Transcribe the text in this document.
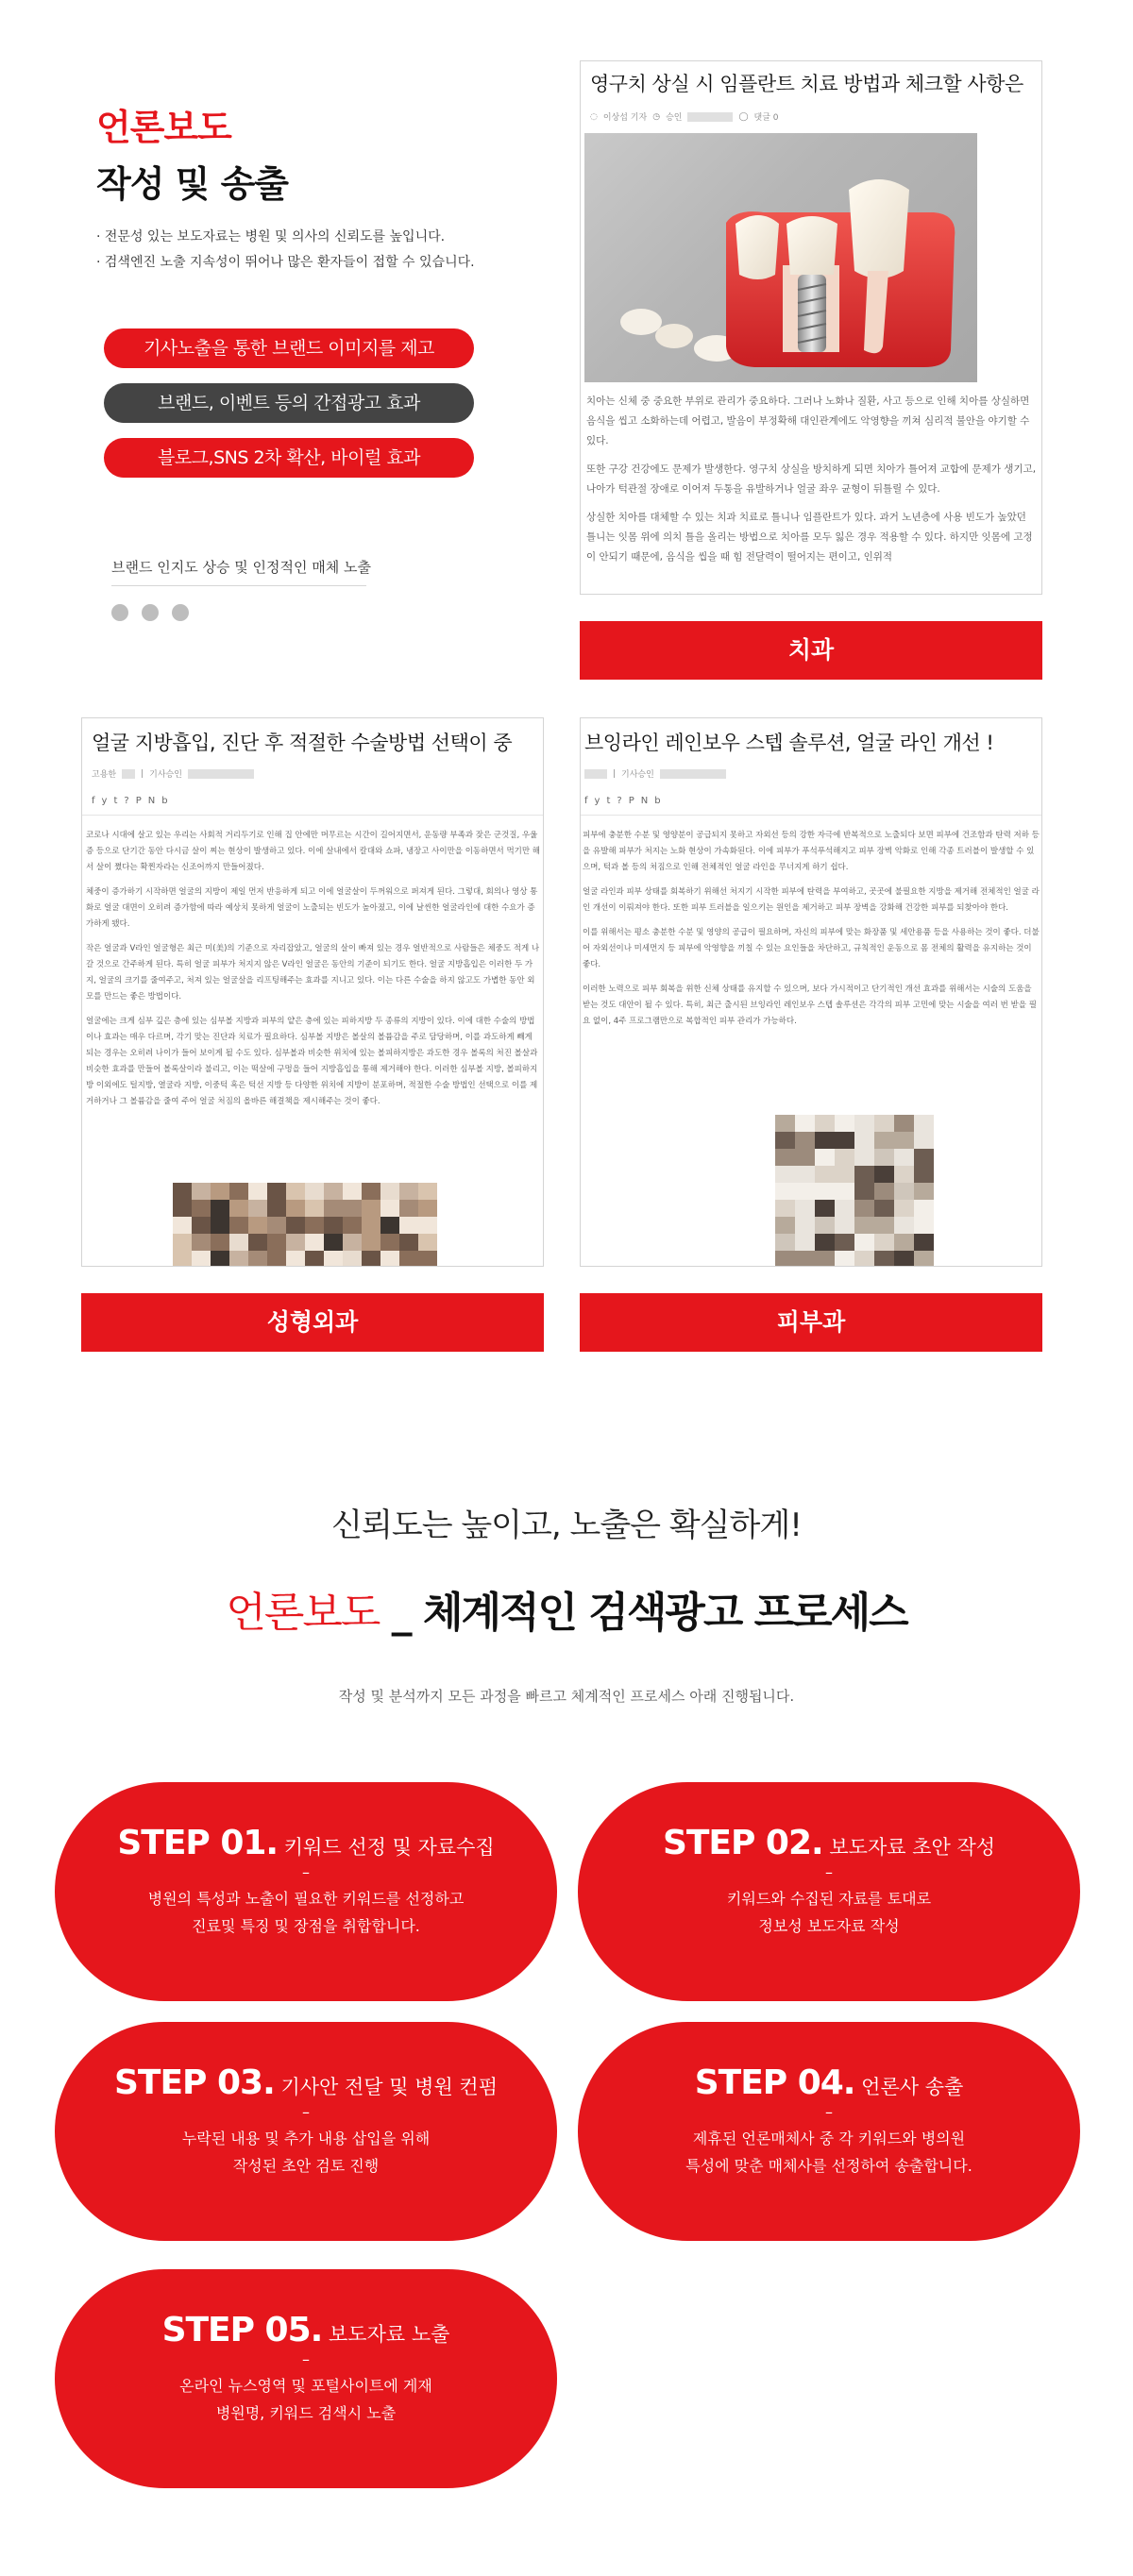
언론보도
작성 및 송출
· 전문성 있는 보도자료는 병원 및 의사의 신뢰도를 높입니다.
· 검색엔진 노출 지속성이 뛰어나 많은 환자들이 접할 수 있습니다.
기사노출을 통한 브랜드 이미지를 제고
브랜드, 이벤트 등의 간접광고 효과
블로그,SNS 2차 확산, 바이럴 효과
브랜드 인지도 상승 및 인정적인 매체 노출
영구치 상실 시 임플란트 치료 방법과 체크할 사항은
◌ 이상섭 기자 ◷ 승인	◯ 댓글 0

치아는 신체 중 중요한 부위로 관리가 중요하다. 그러나 노화나 질환, 사고 등으로 인해 치아를 상실하면 음식을 씹고 소화하는데 어렵고, 발음이 부정확해 대인관계에도 악영향을 끼쳐 심리적 불안을 야기할 수 있다.

또한 구강 건강에도 문제가 발생한다. 영구치 상실을 방치하게 되면 치아가 틀어져 교합에 문제가 생기고, 나아가 턱관절 장애로 이어져 두통을 유발하거나 얼굴 좌우 균형이 뒤틀릴 수 있다.

상실한 치아를 대체할 수 있는 치과 치료로 틀니나 임플란트가 있다. 과거 노년층에 사용 빈도가 높았던 틀니는 잇몸 위에 의치 틀을 올리는 방법으로 치아를 모두 잃은 경우 적용할 수 있다. 하지만 잇몸에 고정이 안되기 때문에, 음식을 씹을 때 힘 전달력이 떨어지는 편이고, 인위적

치과
얼굴 지방흡입, 진단 후 적절한 수술방법 선택이 중
고용한	| 기사승인
f y t ? P N b

코로나 시대에 살고 있는 우리는 사회적 거리두기로 인해 집 안에만 머무르는 시간이 길어지면서, 운동량 부족과 잦은 군것질, 우울증 등으로 단기간 동안 다시금 살이 찌는 현상이 발생하고 있다. 이에 살내에서 칼대와 쇼파, 냉장고 사이만을 이동하면서 먹기만 해서 살이 쪘다는 확찐자라는 신조어까지 만들어졌다.

체중이 증가하기 시작하면 얼굴의 지방이 제일 먼저 반응하게 되고 이에 얼굴살이 두꺼워으로 퍼져게 된다. 그렇대, 회의나 영상 통화로 얼굴 대면이 오히려 증가함에 따라 예상치 못하게 얼굴이 노출되는 빈도가 높아졌고, 이에 날씬한 얼굴라인에 대한 수요가 증가하게 됐다.

작은 얼굴과 V라인 얼굴형은 최근 미(美)의 기준으로 자리잡았고, 얼굴의 살이 빠져 있는 경우 얼반적으로 사람들은 체중도 적게 나갈 것으로 간주하게 된다. 특히 얼굴 피부가 처지지 않은 V라인 얼굴은 동안의 기준이 되기도 한다. 얼굴 지방흡입은 이러한 두 가지, 얼굴의 크기를 줄여주고, 처져 있는 얼굴살을 리프팅해주는 효과를 지니고 있다. 이는 다른 수술을 하지 않고도 가볍한 동안 외모를 만드는 좋은 방법이다.

얼굴에는 크게 심부 깊은 층에 있는 심부볼 지방과 피부의 얕은 층에 있는 피하지방 두 종류의 지방이 있다. 이에 대한 수술의 방법이나 효과는 매우 다르며, 각기 맞는 진단과 치료가 필요하다. 심부볼 지방은 볼살의 볼륨감을 주로 담당하며, 이를 과도하게 빼게 되는 경우는 오히려 나이가 들어 보이게 될 수도 있다. 심부볼과 비슷한 위치에 있는 볼피하지방은 과도한 경우 볼록의 처진 볼살과 비슷한 효과를 만들어 볼록살이라 불리고, 이는 떡살에 구멍을 들어 지방흡입을 통해 제거해야 한다. 이러한 심부볼 지방, 볼피하지방 이외에도 털지방, 열굴라 지방, 이중턱 혹은 턱선 지방 등 다양한 위치에 지방이 분포하며, 적절한 수술 방법인 선택으로 이를 제거하거나 그 볼륨감을 줄여 주어 얼굴 처짐의 올바른 해결책을 제시해주는 것이 좋다.

성형외과
브잉라인 레인보우 스텝 솔루션, 얼굴 라인 개선 !
| 기사승인
f y t ? P N b

피부에 충분한 수분 및 영양분이 공급되지 못하고 자외선 등의 강한 자극에 반복적으로 노출되다 보면 피부에 건조함과 탄력 저하 등을 유발해 피부가 처지는 노화 현상이 가속화된다. 이에 피부가 푸석푸석해지고 피부 장벽 악화로 인해 각종 트러블이 발생할 수 있으며, 턱과 볼 등의 처짐으로 인해 전체적인 얼굴 라인을 무너지게 하기 쉽다.

얼굴 라인과 피부 상태를 회복하기 위해선 처지기 시작한 피부에 탄력을 부여하고, 곳곳에 불필요한 지방을 제거해 전체적인 얼굴 라인 개선이 이뤄져야 한다. 또한 피부 트러블을 일으키는 원인을 제거하고 피부 장벽을 강화해 건강한 피부를 되찾아야 한다.

이를 위해서는 평소 충분한 수분 및 영양의 공급이 필요하며, 자신의 피부에 맞는 화장품 및 세안용품 등을 사용하는 것이 좋다. 더불어 자외선이나 미세먼지 등 피부에 악영향을 끼칠 수 있는 요인들을 차단하고, 규칙적인 운동으로 몸 전체의 활력을 유지하는 것이 좋다.

이러한 노력으로 피부 회복을 위한 신체 상태를 유지할 수 있으며, 보다 가시적이고 단기적인 개선 효과를 위해서는 시술의 도움을 받는 것도 대안이 될 수 있다. 특히, 최근 출시된 브잉라인 레인보우 스텝 솔루션은 각각의 피부 고민에 맞는 시술을 여러 번 받을 필요 없이, 4주 프로그램만으로 복합적인 피부 관리가 가능하다.

피부과
신뢰도는 높이고, 노출은 확실하게!
언론보도 _ 체계적인 검색광고 프로세스
작성 및 분석까지 모든 과정을 빠르고 체계적인 프로세스 아래 진행됩니다.
STEP 01. 키워드 선정 및 자료수집
–
병원의 특성과 노출이 필요한 키워드를 선정하고
진료및 특징 및 장점을 취합합니다.
STEP 02. 보도자료 초안 작성
–
키워드와 수집된 자료를 토대로
정보성 보도자료 작성
STEP 03. 기사안 전달 및 병원 컨펌
–
누락된 내용 및 추가 내용 삽입을 위해
작성된 초안 검토 진행
STEP 04. 언론사 송출
–
제휴된 언론매체사 중 각 키워드와 병의원
특성에 맞춘 매체사를 선정하여 송출합니다.
STEP 05. 보도자료 노출
–
온라인 뉴스영역 및 포털사이트에 게재
병원명, 키워드 검색시 노출
